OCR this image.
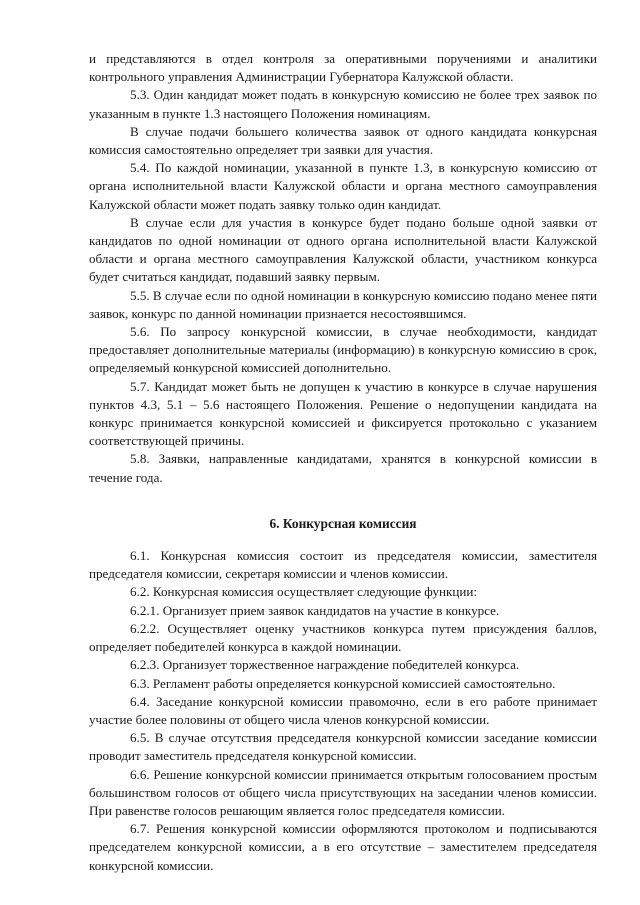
и представляются в отдел контроля за оперативными поручениями и аналитики контрольного управления Администрации Губернатора Калужской области.

5.3. Один кандидат может подать в конкурсную комиссию не более трех заявок по указанным в пункте 1.3 настоящего Положения номинациям.

В случае подачи большего количества заявок от одного кандидата конкурсная комиссия самостоятельно определяет три заявки для участия.

5.4. По каждой номинации, указанной в пункте 1.3, в конкурсную комиссию от органа исполнительной власти Калужской области и органа местного самоуправления Калужской области может подать заявку только один кандидат.

В случае если для участия в конкурсе будет подано больше одной заявки от кандидатов по одной номинации от одного органа исполнительной власти Калужской области и органа местного самоуправления Калужской области, участником конкурса будет считаться кандидат, подавший заявку первым.

5.5. В случае если по одной номинации в конкурсную комиссию подано менее пяти заявок, конкурс по данной номинации признается несостоявшимся.

5.6. По запросу конкурсной комиссии, в случае необходимости, кандидат предоставляет дополнительные материалы (информацию) в конкурсную комиссию в срок, определяемый конкурсной комиссией дополнительно.

5.7. Кандидат может быть не допущен к участию в конкурсе в случае нарушения пунктов 4.3, 5.1 – 5.6 настоящего Положения. Решение о недопущении кандидата на конкурс принимается конкурсной комиссией и фиксируется протокольно с указанием соответствующей причины.

5.8. Заявки, направленные кандидатами, хранятся в конкурсной комиссии в течение года.

6. Конкурсная комиссия

6.1. Конкурсная комиссия состоит из председателя комиссии, заместителя председателя комиссии, секретаря комиссии и членов комиссии.

6.2. Конкурсная комиссия осуществляет следующие функции:

6.2.1. Организует прием заявок кандидатов на участие в конкурсе.

6.2.2. Осуществляет оценку участников конкурса путем присуждения баллов, определяет победителей конкурса в каждой номинации.

6.2.3. Организует торжественное награждение победителей конкурса.

6.3. Регламент работы определяется конкурсной комиссией самостоятельно.

6.4. Заседание конкурсной комиссии правомочно, если в его работе принимает участие более половины от общего числа членов конкурсной комиссии.

6.5. В случае отсутствия председателя конкурсной комиссии заседание комиссии проводит заместитель председателя конкурсной комиссии.

6.6. Решение конкурсной комиссии принимается открытым голосованием простым большинством голосов от общего числа присутствующих на заседании членов комиссии. При равенстве голосов решающим является голос председателя комиссии.

6.7. Решения конкурсной комиссии оформляются протоколом и подписываются председателем конкурсной комиссии, а в его отсутствие – заместителем председателя конкурсной комиссии.
